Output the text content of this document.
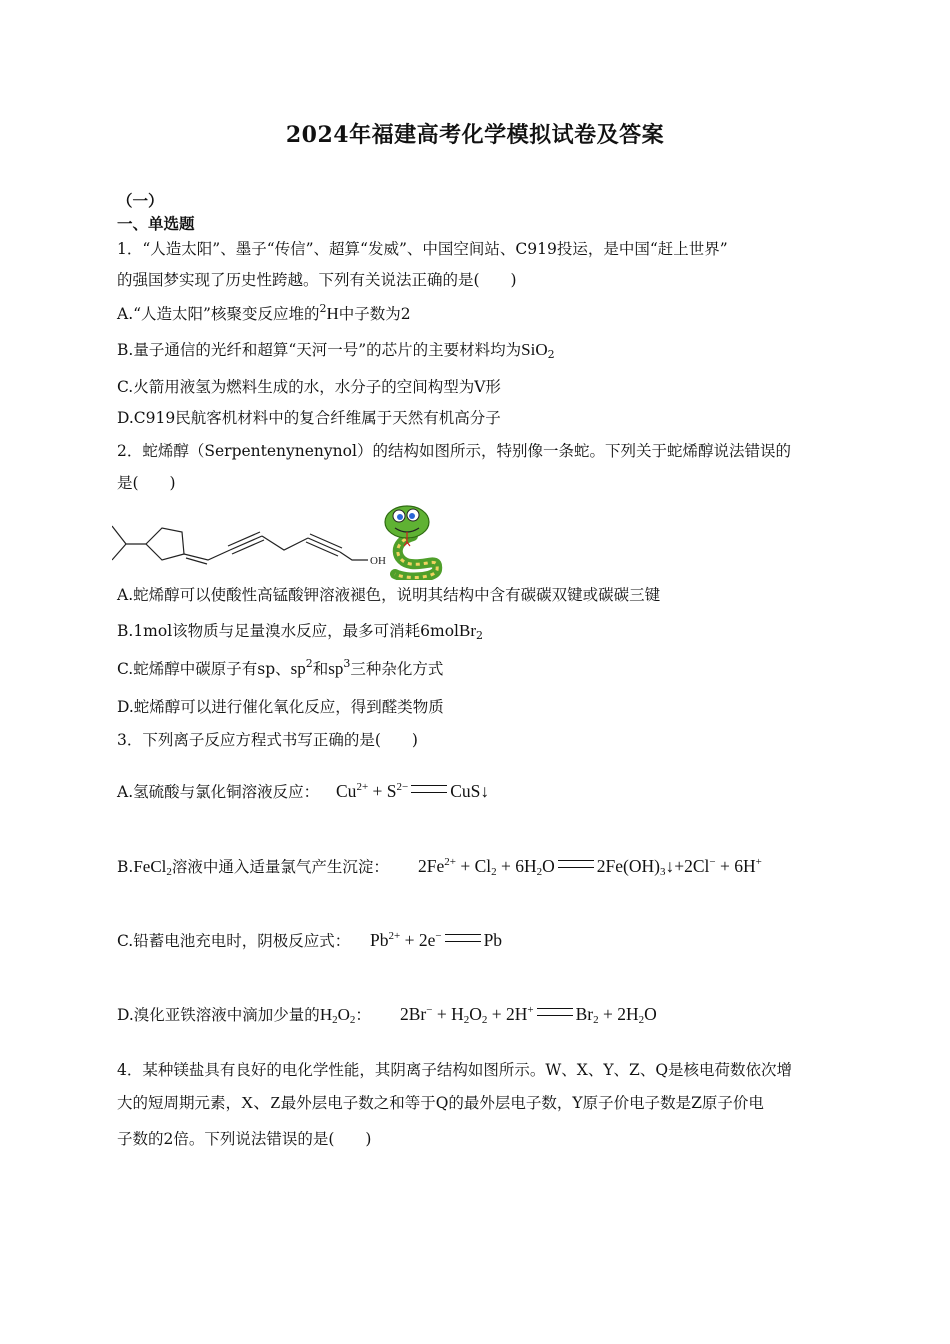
2024年福建高考化学模拟试卷及答案
（一）
一、单选题
1．“人造太阳”、墨子“传信”、超算“发威”、中国空间站、C919投运，是中国“赶上世界”
的强国梦实现了历史性跨越。下列有关说法正确的是(　　)
A.“人造太阳”核聚变反应堆的$^2$H中子数为2
B.量子通信的光纤和超算“天河一号”的芯片的主要材料均为SiO$_2$
C.火箭用液氢为燃料生成的水，水分子的空间构型为V形
D.C919民航客机材料中的复合纤维属于天然有机高分子
2．蛇烯醇（Serpentenynenynol）的结构如图所示，特别像一条蛇。下列关于蛇烯醇说法错误的
是(　　)
OH
A.蛇烯醇可以使酸性高锰酸钾溶液褪色，说明其结构中含有碳碳双键或碳碳三键
B.1mol该物质与足量溴水反应，最多可消耗6molBr$_2$
C.蛇烯醇中碳原子有sp、$sp^2$和$sp^3$三种杂化方式
D.蛇烯醇可以进行催化氧化反应，得到醛类物质
3．下列离子反应方程式书写正确的是(　　)
A.氢硫酸与氯化铜溶液反应： $Cu^{2+} + S^{2-}$ CuS↓
B.FeCl$_2$溶液中通入适量氯气产生沉淀： $2Fe^{2+} + Cl_2 + 6H_2O$ $2Fe(OH)_3↓+2Cl^- + 6H^+$
C.铅蓄电池充电时，阴极反应式： $Pb^{2+} + 2e^-$ Pb
D.溴化亚铁溶液中滴加少量的$H_2O_2$： $2Br^- + H_2O_2 + 2H^+$ $Br_2 + 2H_2O$
4．某种镁盐具有良好的电化学性能，其阴离子结构如图所示。W、X、Y、Z、Q是核电荷数依次增
大的短周期元素，X、Z最外层电子数之和等于Q的最外层电子数，Y原子价电子数是Z原子价电
子数的2倍。下列说法错误的是(　　)
